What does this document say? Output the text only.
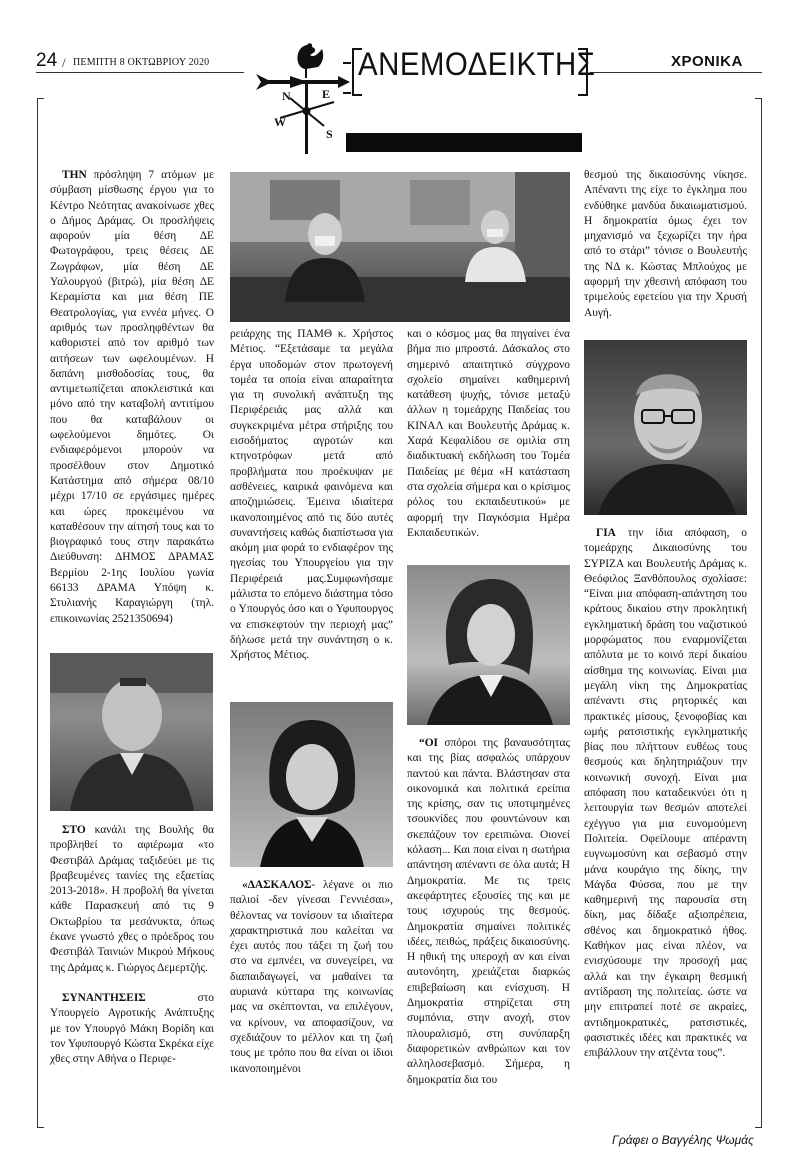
24 / ΠΕΜΠΤΗ 8 ΟΚΤΩΒΡΙΟΥ 2020	ΧΡΟΝΙΚΑ
N	E
W
S
ΑΝΕΜΟΔΕΙΚΤΗΣ

ΤΗΝ πρόσληψη 7 ατόμων με σύμβαση μίσθωσης έργου για το Κέντρο Νεότητας ανακοίνωσε χθες ο Δήμος Δράμας. Οι προσλήψεις αφορούν μία θέση ΔΕ Φωτογράφου, τρεις θέσεις ΔΕ Ζωγράφων, μία θέση ΔΕ Υαλουργού (βιτρώ), μία θέση ΔΕ Κεραμίστα και μια θέση ΠΕ Θεατρολογίας, για εννέα μήνες. Ο αριθμός των προσληφθέντων θα καθοριστεί από τον αριθμό των αιτήσεων των ωφελουμένων. Η δαπάνη μισθοδοσίας τους, θα αντιμετωπίζεται αποκλειστικά και μόνο από την καταβολή αντιτίμου που θα καταβάλουν οι ωφελούμενοι δημότες. Οι ενδιαφερόμενοι μπορούν να προσέλθουν στον Δημοτικό Κατάστημα από σήμερα 08/10 μέχρι 17/10 σε εργάσιμες ημέρες και ώρες προκειμένου να καταθέσουν την αίτησή τους και το βιογραφικό τους στην παρακάτω Διεύθυνση: ΔΗΜΟΣ ΔΡΑΜΑΣ Βερμίου 2-1ης Ιουλίου γωνία 66133 ΔΡΑΜΑ Υπόψη κ. Στυλιανής Καραγιώργη (τηλ. επικοινωνίας 2521350694)

ΣΤΟ κανάλι της Βουλής θα προβληθεί το αφιέρωμα «το Φεστιβάλ Δράμας ταξιδεύει με τις βραβευμένες ταινίες της εξαετίας 2013-2018». Η προβολή θα γίνεται κάθε Παρασκευή από τις 9 Οκτωβρίου τα μεσάνυκτα, όπως έκανε γνωστό χθες ο πρόεδρος του Φεστιβάλ Ταινιών Μικρού Μήκους της Δράμας κ. Γιώργος Δεμερτζής.

ΣΥΝΑΝΤΗΣΕΙΣ στο Υπουργείο Αγροτικής Ανάπτυξης με τον Υπουργό Μάκη Βορίδη και τον Υφυπουργό Κώστα Σκρέκα είχε χθες στην Αθήνα ο Περιφε-

ρειάρχης της ΠΑΜΘ κ. Χρήστος Μέτιος. “Εξετάσαμε τα μεγάλα έργα υποδομών στον πρωτογενή τομέα τα οποία είναι απαραίτητα για τη συνολική ανάπτυξη της Περιφέρειάς μας αλλά και συγκεκριμένα μέτρα στήριξης του εισοδήματος αγροτών και κτηνοτρόφων μετά από προβλήματα που προέκυψαν με ασθένειες, καιρικά φαινόμενα και αποζημιώσεις. Έμεινα ιδιαίτερα ικανοποιημένος από τις δύο αυτές συναντήσεις καθώς διαπίστωσα για ακόμη μια φορά το ενδιαφέρον της ηγεσίας του Υπουργείου για την Περιφέρειά μας.Συμφωνήσαμε μάλιστα το επόμενο διάστημα τόσο ο Υπουργός όσο και ο Υφυπουργος να επισκεφτούν την περιοχή μας” δήλωσε μετά την συνάντηση ο κ. Χρήστος Μέτιος.

«ΔΑΣΚΑΛΟΣ- λέγανε οι πιο παλιοί -δεν γίνεσαι Γεννιέσαι», θέλοντας να τονίσουν τα ιδιαίτερα χαρακτηριστικά που καλείται να έχει αυτός που τάξει τη ζωή του στο να εμπνέει, να συνεγείρει, να διαπαιδαγωγεί, να μαθαίνει τα αυριανά κύτταρα της κοινωνίας μας να σκέπτονται, να επιλέγουν, να κρίνουν, να αποφασίζουν, να σχεδιάζουν το μέλλον και τη ζωή τους με τρόπο που θα είναι οι ίδιοι ικανοποιημένοι

και ο κόσμος μας θα πηγαίνει ένα βήμα πιο μπροστά. Δάσκαλος στο σημερινό απαιτητικό σύγχρονο σχολείο σημαίνει καθημερινή κατάθεση ψυχής, τόνισε μεταξύ άλλων η τομεάρχης Παιδείας του ΚΙΝΑΛ και Βουλευτής Δράμας κ. Χαρά Κεφαλίδου σε ομιλία στη διαδικτυακή εκδήλωση του Τομέα Παιδείας με θέμα «Η κατάσταση στα σχολεία σήμερα και ο κρίσιμος ρόλος του εκπαιδευτικού» με αφορμή την Παγκόσμια Ημέρα Εκπαιδευτικών.

“ΟΙ σπόροι της βαναυσότητας και της βίας ασφαλώς υπάρχουν παντού και πάντα. Βλάστησαν στα οικονομικά και πολιτικά ερείπια της κρίσης, σαν τις υποτιμημένες τσουκνίδες που φουντώνουν και σκεπάζουν τον ερειπιώνα. Οιονεί κόλαση... Και ποια είναι η σωτήρια απάντηση απέναντι σε όλα αυτά; Η Δημοκρατία. Με τις τρεις ακεφάρτητες εξουσίες της και με τους ισχυρούς της θεσμούς. Δημοκρατία σημαίνει πολιτικές ιδέες, πειθώς, πράξεις δικαιοσύνης. Η ηθική της υπεροχή αν και είναι αυτονόητη, χρειάζεται διαρκώς επιβεβαίωση και ενίσχυση. Η Δημοκρατία στηρίζεται στη συμπόνια, στην ανοχή, στον πλουραλισμό, στη συνύπαρξη διαφορετικών ανθρώπων και τον αλληλοσεβασμό. Σήμερα, η δημοκρατία δια του

θεσμού της δικαιοσύνης νίκησε. Απέναντι της είχε το έγκλημα που ενδύθηκε μανδύα δικαιωματισμού. Η δημοκρατία όμως έχει τον μηχανισμό να ξεχωρίζει την ήρα από το στάρι” τόνισε ο Βουλευτής της ΝΔ κ. Κώστας Μπλούχος με αφορμή την χθεσινή απόφαση του τριμελούς εφετείου για την Χρυσή Αυγή.

ΓΙΑ την ίδια απόφαση, ο τομεάρχης Δικαιοσύνης του ΣΥΡΙΖΑ και Βουλευτής Δράμας κ. Θεόφιλος Ξανθόπουλος σχολίασε: “Είναι μια απόφαση-απάντηση του κράτους δικαίου στην προκλητική εγκληματική δράση του ναζιστικού μορφώματος που εναρμονίζεται απόλυτα με το κοινό περί δικαίου αίσθημα της κοινωνίας. Είναι μια μεγάλη νίκη της Δημοκρατίας απέναντι στις ρητορικές και πρακτικές μίσους, ξενοφοβίας και ωμής ρατσιστικής εγκληματικής βίας που πλήττουν ευθέως τους θεσμούς και δηλητηριάζουν την κοινωνική συνοχή. Είναι μια απόφαση που καταδεικνύει ότι η λειτουργία των θεσμών αποτελεί εχέγγυο για μια ευνομούμενη Πολιτεία. Οφείλουμε απέραντη ευγνωμοσύνη και σεβασμό στην μάνα κουράγιο της δίκης, την Μάγδα Φύσσα, που με την καθημερινή της παρουσία στη δίκη, μας δίδαξε αξιοπρέπεια, σθένος και δημοκρατικό ήθος. Καθήκον μας είναι πλέον, να ενισχύσουμε την προσοχή μας αλλά και την έγκαιρη θεσμική αντίδραση της πολιτείας. ώστε να μην επιτραπεί ποτέ σε ακραίες, αντιδημοκρατικές, ρατσιστικές, φασιστικές ιδέες και πρακτικές να επιβάλλουν την ατζέντα τους”.

Γράφει ο Βαγγέλης Ψωμάς
